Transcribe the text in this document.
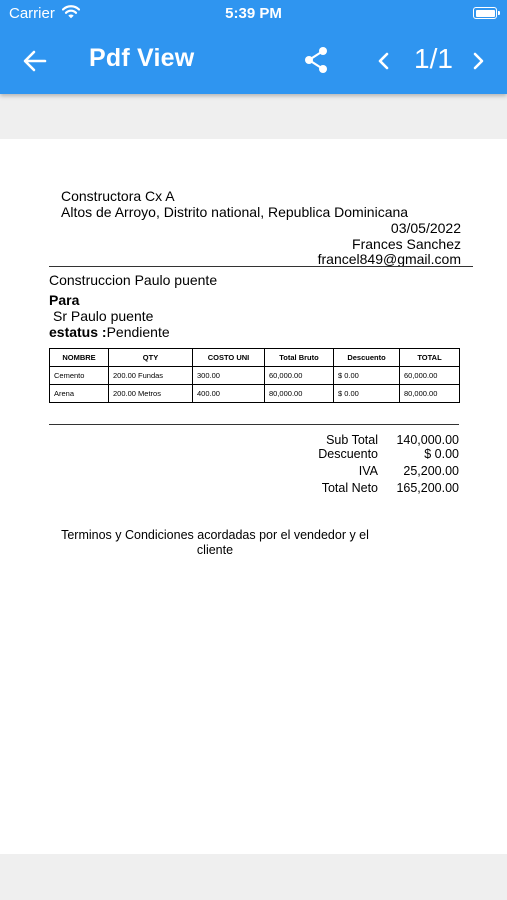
Carrier	5:39 PM
Pdf View	1/1
Constructora Cx A
Altos de Arroyo, Distrito national, Republica Dominicana
03/05/2022
Frances Sanchez
francel849@gmail.com
Construccion Paulo puente
Para
Sr Paulo puente
estatus :Pendiente
NOMBRE	QTY	COSTO UNI	Total Bruto	Descuento	TOTAL
Cemento	200.00 Fundas	300.00	60,000.00	$ 0.00	60,000.00
Arena	200.00 Metros	400.00	80,000.00	$ 0.00	80,000.00
Sub Total	140,000.00
Descuento	$ 0.00
IVA	25,200.00
Total Neto	165,200.00
Terminos y Condiciones acordadas por el vendedor y el
cliente
